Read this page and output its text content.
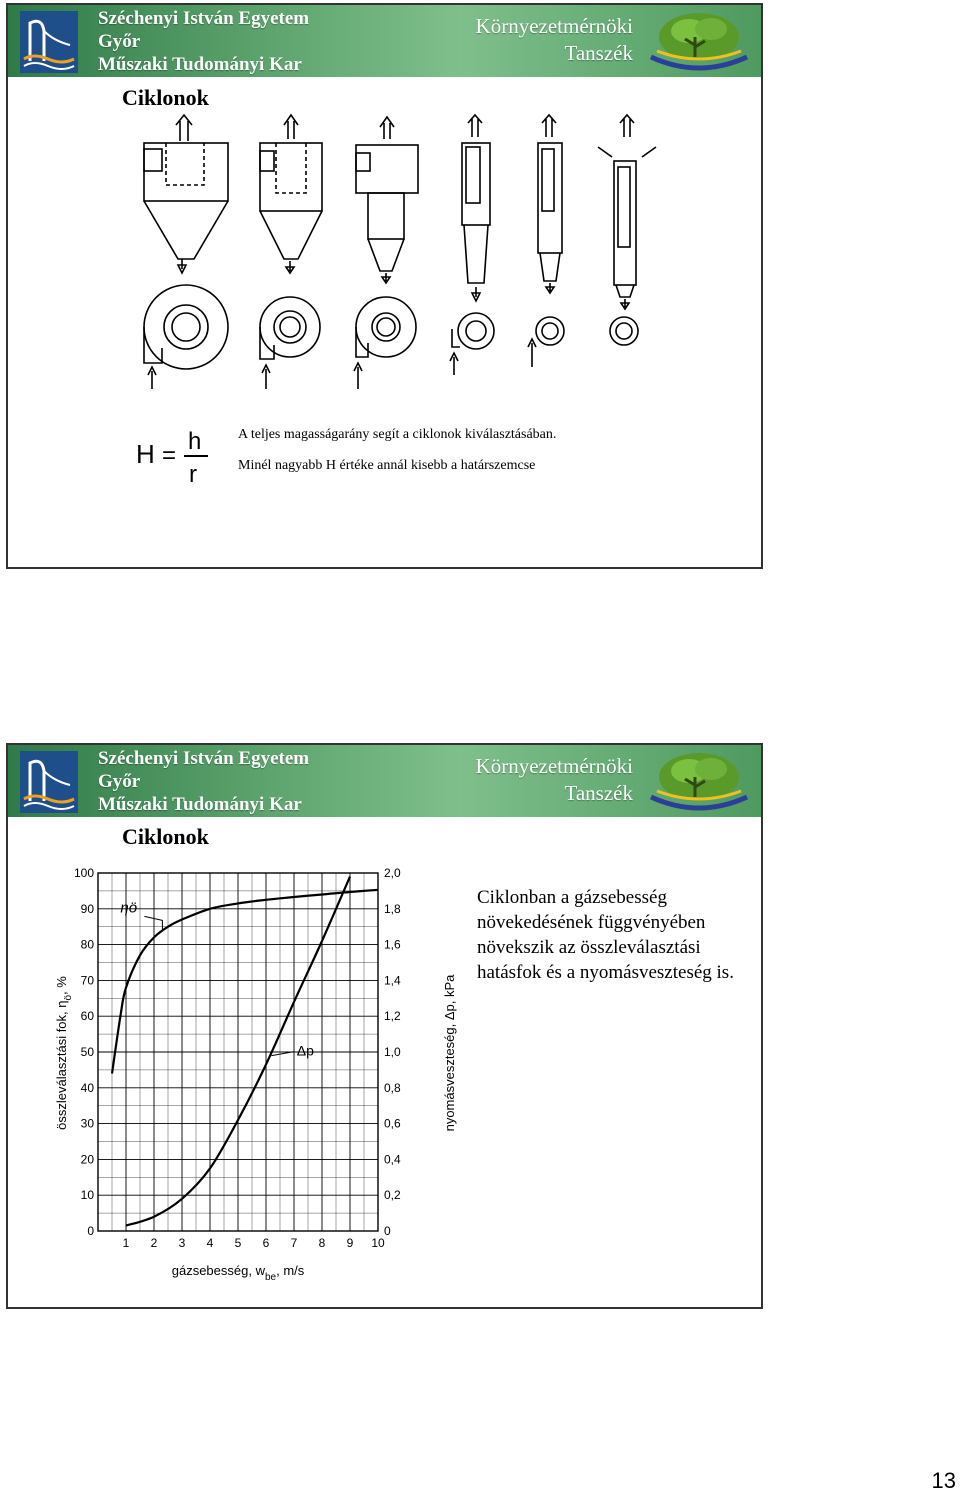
Széchenyi István Egyetem
Győr
Műszaki Tudományi Kar
Környezetmérnöki
Tanszék
Ciklonok
H =
h
r
A teljes magasságarány segít a ciklonok kiválasztásában.
Minél nagyabb H értéke annál kisebb a határszemcse
Széchenyi István Egyetem
Győr
Műszaki Tudományi Kar
Környezetmérnöki
Tanszék
Ciklonok
1 2 3 4 5 6 7 8 9 10
0
10
20
30
40
50
60
70
80
90
100
0
0,2
0,4
0,6
0,8
1,0
1,2
1,4
1,6
1,8
2,0
ηö
Δp
gázsebesség, $w_{be}$, m/s
összleválasztási fok, $\eta_ö$, %	nyomásveszteség, Δp, kPa
Ciklonban a gázsebesség növekedésének függvényében növekszik az összleválasztási hatásfok és a nyomásveszteség is.
13
